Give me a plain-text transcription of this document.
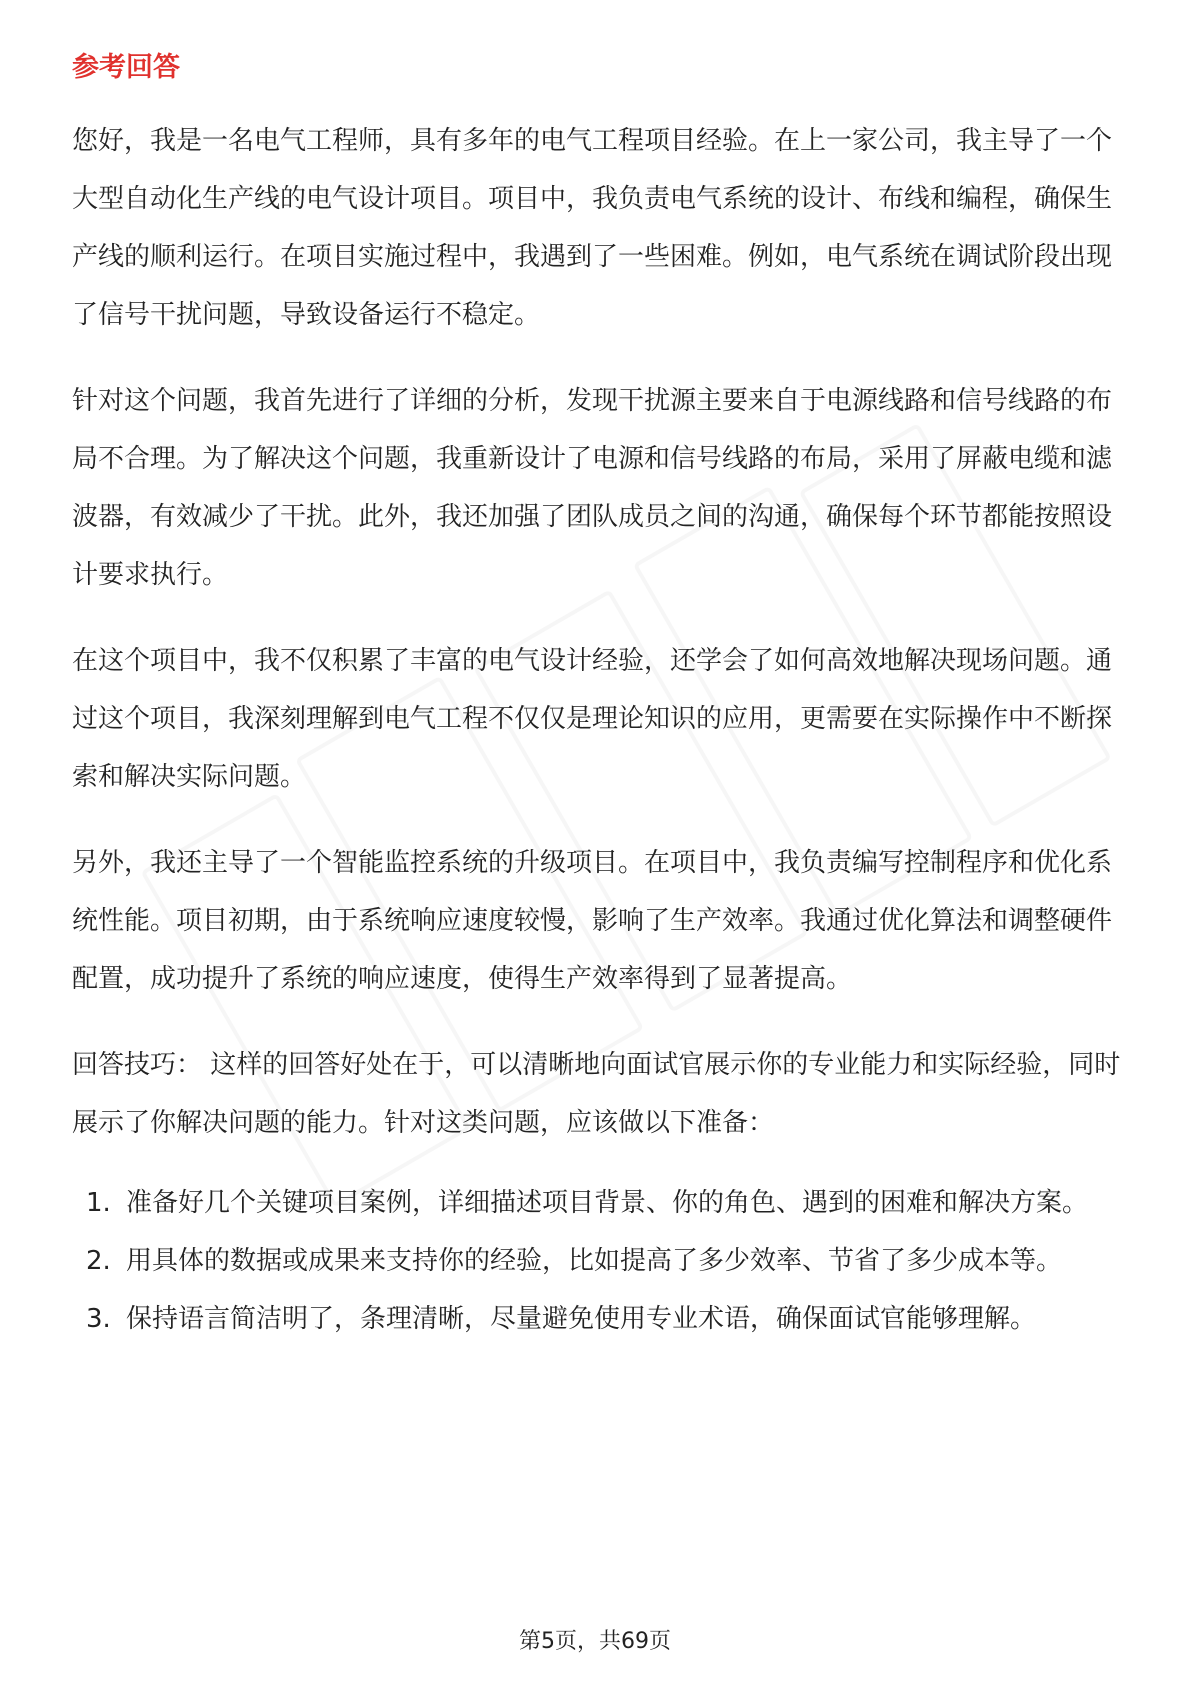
参考回答

您好，我是一名电气工程师，具有多年的电气工程项目经验。在上一家公司，我主导了一个大型自动化生产线的电气设计项目。项目中，我负责电气系统的设计、布线和编程，确保生产线的顺利运行。在项目实施过程中，我遇到了一些困难。例如，电气系统在调试阶段出现了信号干扰问题，导致设备运行不稳定。

针对这个问题，我首先进行了详细的分析，发现干扰源主要来自于电源线路和信号线路的布局不合理。为了解决这个问题，我重新设计了电源和信号线路的布局，采用了屏蔽电缆和滤波器，有效减少了干扰。此外，我还加强了团队成员之间的沟通，确保每个环节都能按照设计要求执行。

在这个项目中，我不仅积累了丰富的电气设计经验，还学会了如何高效地解决现场问题。通过这个项目，我深刻理解到电气工程不仅仅是理论知识的应用，更需要在实际操作中不断探索和解决实际问题。

另外，我还主导了一个智能监控系统的升级项目。在项目中，我负责编写控制程序和优化系统性能。项目初期，由于系统响应速度较慢，影响了生产效率。我通过优化算法和调整硬件配置，成功提升了系统的响应速度，使得生产效率得到了显著提高。

回答技巧： 这样的回答好处在于，可以清晰地向面试官展示你的专业能力和实际经验，同时展示了你解决问题的能力。针对这类问题，应该做以下准备：

1. 准备好几个关键项目案例，详细描述项目背景、你的角色、遇到的困难和解决方案。
2. 用具体的数据或成果来支持你的经验，比如提高了多少效率、节省了多少成本等。
3. 保持语言简洁明了，条理清晰，尽量避免使用专业术语，确保面试官能够理解。
第5页，共69页
